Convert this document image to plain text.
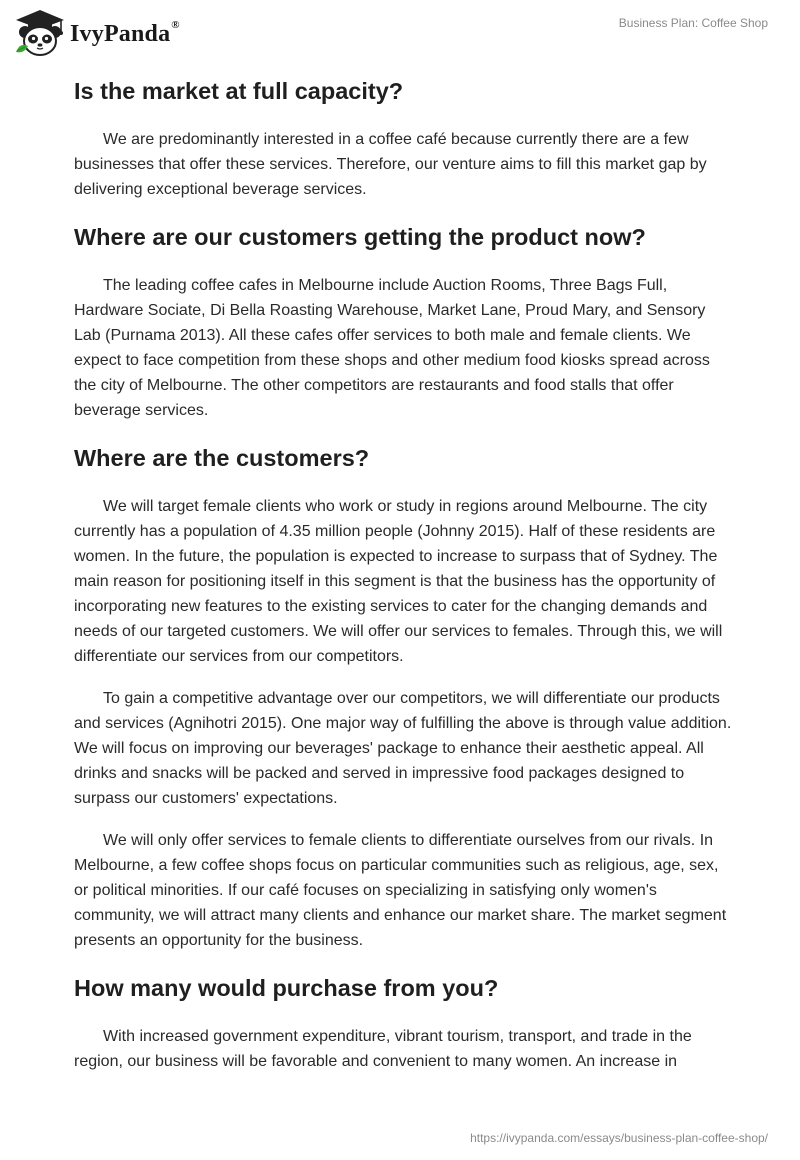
IvyPanda®	Business Plan: Coffee Shop
Is the market at full capacity?

We are predominantly interested in a coffee café because currently there are a few businesses that offer these services. Therefore, our venture aims to fill this market gap by delivering exceptional beverage services.

Where are our customers getting the product now?

The leading coffee cafes in Melbourne include Auction Rooms, Three Bags Full, Hardware Sociate, Di Bella Roasting Warehouse, Market Lane, Proud Mary, and Sensory Lab (Purnama 2013). All these cafes offer services to both male and female clients. We expect to face competition from these shops and other medium food kiosks spread across the city of Melbourne. The other competitors are restaurants and food stalls that offer beverage services.

Where are the customers?

We will target female clients who work or study in regions around Melbourne. The city currently has a population of 4.35 million people (Johnny 2015). Half of these residents are women. In the future, the population is expected to increase to surpass that of Sydney. The main reason for positioning itself in this segment is that the business has the opportunity of incorporating new features to the existing services to cater for the changing demands and needs of our targeted customers. We will offer our services to females. Through this, we will differentiate our services from our competitors.

To gain a competitive advantage over our competitors, we will differentiate our products and services (Agnihotri 2015). One major way of fulfilling the above is through value addition. We will focus on improving our beverages' package to enhance their aesthetic appeal. All drinks and snacks will be packed and served in impressive food packages designed to surpass our customers' expectations.

We will only offer services to female clients to differentiate ourselves from our rivals. In Melbourne, a few coffee shops focus on particular communities such as religious, age, sex, or political minorities. If our café focuses on specializing in satisfying only women's community, we will attract many clients and enhance our market share. The market segment presents an opportunity for the business.

How many would purchase from you?

With increased government expenditure, vibrant tourism, transport, and trade in the region, our business will be favorable and convenient to many women. An increase in

https://ivypanda.com/essays/business-plan-coffee-shop/
